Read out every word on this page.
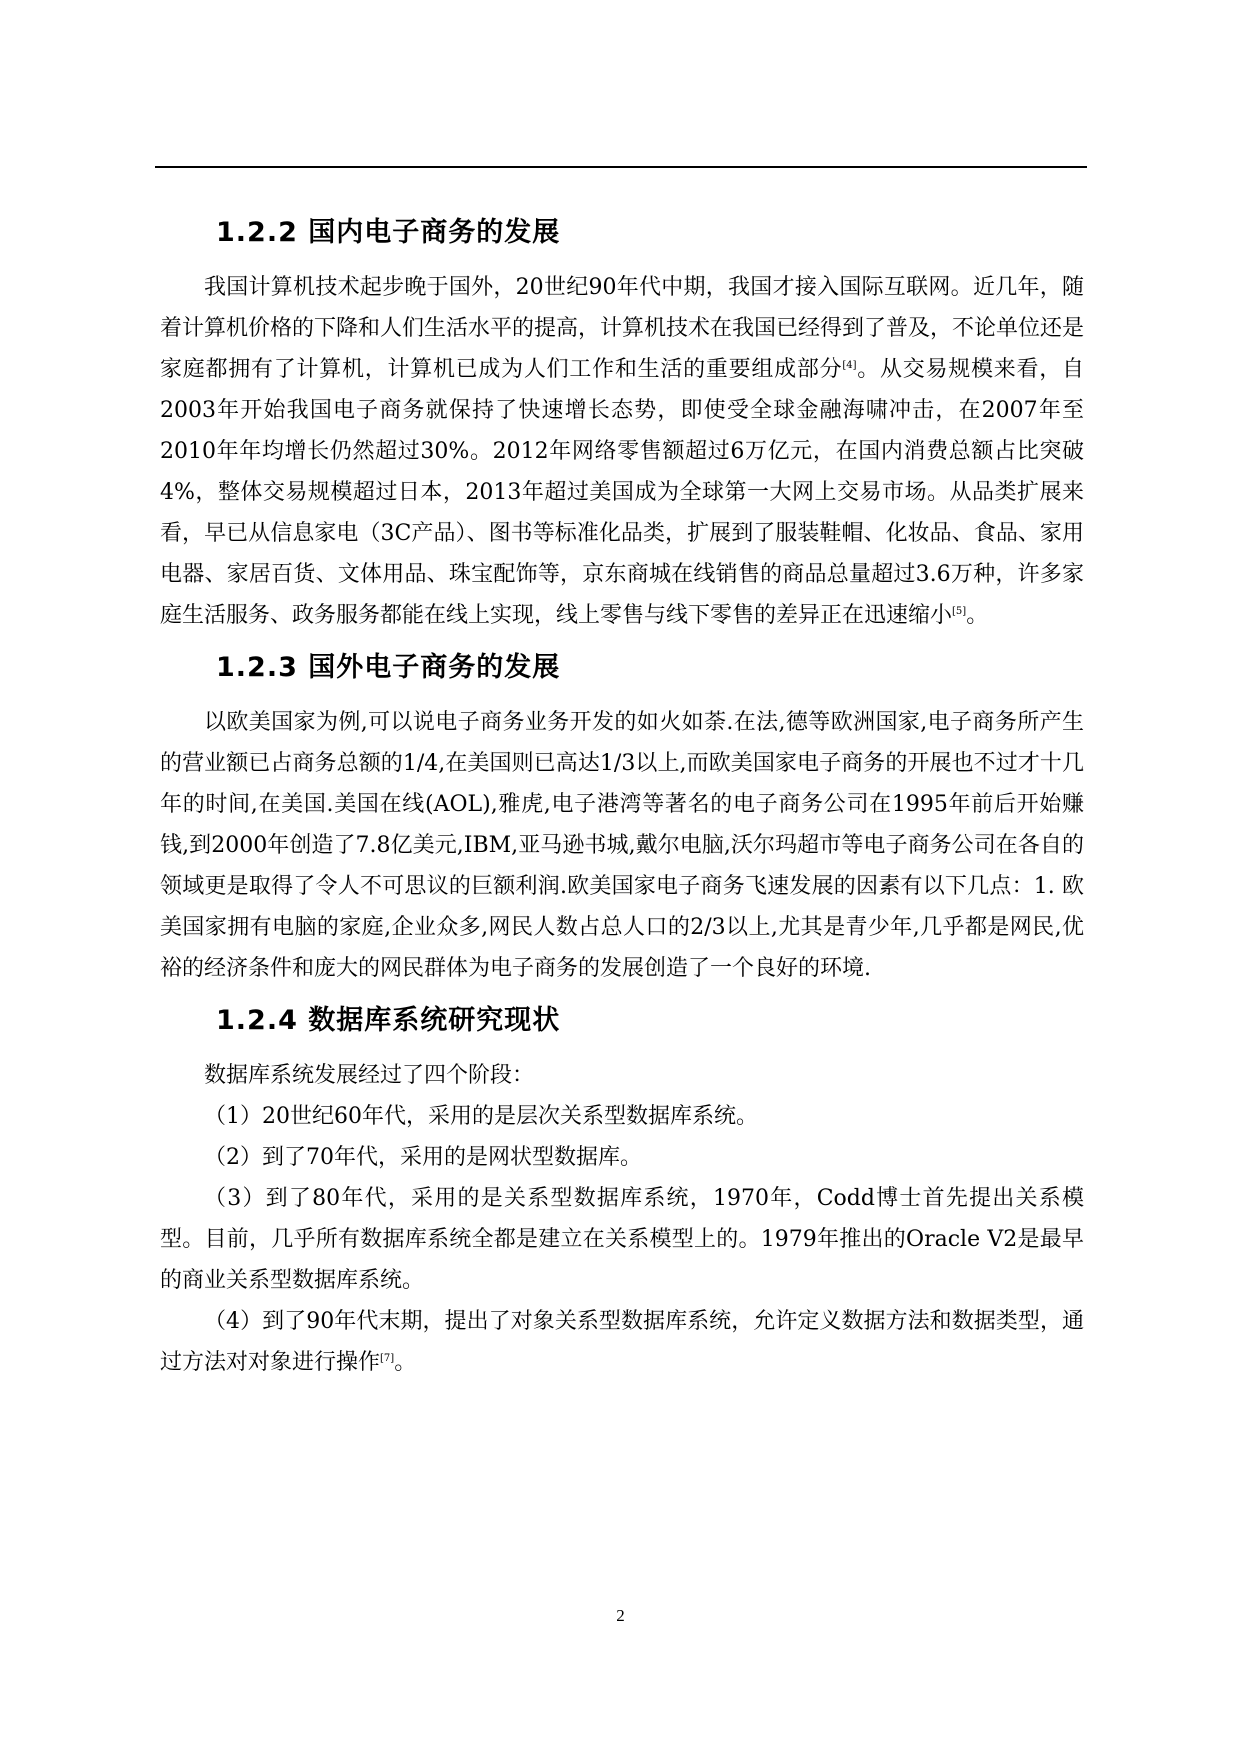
1.2.2 国内电子商务的发展

我国计算机技术起步晚于国外，20世纪90年代中期，我国才接入国际互联网。近几年，随着计算机价格的下降和人们生活水平的提高，计算机技术在我国已经得到了普及，不论单位还是家庭都拥有了计算机，计算机已成为人们工作和生活的重要组成部分[4]。从交易规模来看，自2003年开始我国电子商务就保持了快速增长态势，即使受全球金融海啸冲击，在2007年至2010年年均增长仍然超过30%。2012年网络零售额超过6万亿元，在国内消费总额占比突破4%，整体交易规模超过日本，2013年超过美国成为全球第一大网上交易市场。从品类扩展来看，早已从信息家电（3C产品）、图书等标准化品类，扩展到了服装鞋帽、化妆品、食品、家用电器、家居百货、文体用品、珠宝配饰等，京东商城在线销售的商品总量超过3.6万种，许多家庭生活服务、政务服务都能在线上实现，线上零售与线下零售的差异正在迅速缩小[5]。

1.2.3 国外电子商务的发展

以欧美国家为例,可以说电子商务业务开发的如火如荼.在法,德等欧洲国家,电子商务所产生的营业额已占商务总额的1/4,在美国则已高达1/3以上,而欧美国家电子商务的开展也不过才十几年的时间,在美国.美国在线(AOL),雅虎,电子港湾等著名的电子商务公司在1995年前后开始赚钱,到2000年创造了7.8亿美元,IBM,亚马逊书城,戴尔电脑,沃尔玛超市等电子商务公司在各自的领域更是取得了令人不可思议的巨额利润.欧美国家电子商务飞速发展的因素有以下几点：1. 欧美国家拥有电脑的家庭,企业众多,网民人数占总人口的2/3以上,尤其是青少年,几乎都是网民,优裕的经济条件和庞大的网民群体为电子商务的发展创造了一个良好的环境.

1.2.4 数据库系统研究现状

数据库系统发展经过了四个阶段：

（1）20世纪60年代，采用的是层次关系型数据库系统。

（2）到了70年代，采用的是网状型数据库。

（3）到了80年代，采用的是关系型数据库系统，1970年，Codd博士首先提出关系模型。目前，几乎所有数据库系统全都是建立在关系模型上的。1979年推出的Oracle V2是最早的商业关系型数据库系统。

（4）到了90年代末期，提出了对象关系型数据库系统，允许定义数据方法和数据类型，通过方法对对象进行操作[7]。

2
